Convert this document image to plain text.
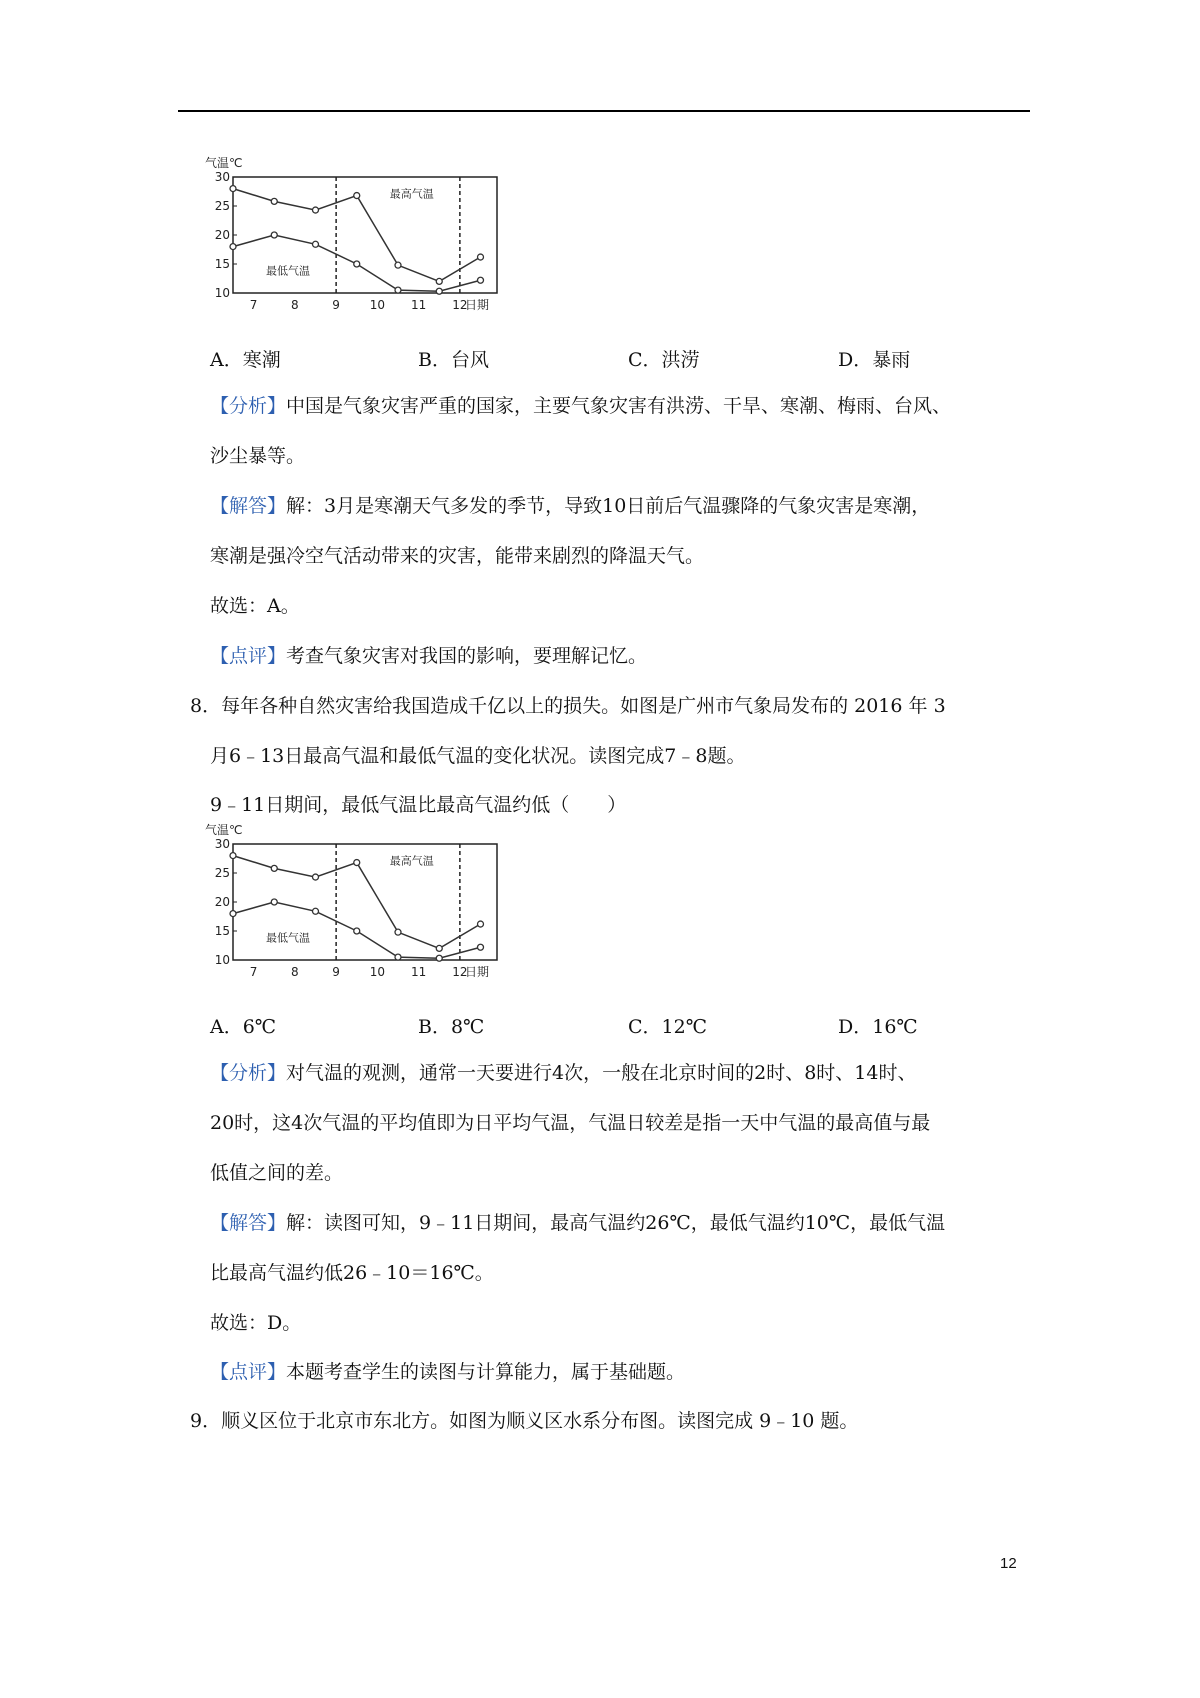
气温℃
10
15
20
25
30
7	8	9 10 11 12
日期
最高气温
最低气温
A．寒潮	B．台风	C．洪涝	D．暴雨
【分析】中国是气象灾害严重的国家，主要气象灾害有洪涝、干旱、寒潮、梅雨、台风、
沙尘暴等。
【解答】解：3月是寒潮天气多发的季节，导致10日前后气温骤降的气象灾害是寒潮，
寒潮是强冷空气活动带来的灾害，能带来剧烈的降温天气。
故选：A。
【点评】考查气象灾害对我国的影响，要理解记忆。
8．每年各种自然灾害给我国造成千亿以上的损失。如图是广州市气象局发布的 2016 年 3
月6﹣13日最高气温和最低气温的变化状况。读图完成7﹣8题。
9﹣11日期间，最低气温比最高气温约低（　　）
气温℃
10
15
20
25
30
7	8	9 10 11 12
日期
最高气温
最低气温
A．6℃	B．8℃	C．12℃	D．16℃
【分析】对气温的观测，通常一天要进行4次，一般在北京时间的2时、8时、14时、
20时，这4次气温的平均值即为日平均气温，气温日较差是指一天中气温的最高值与最
低值之间的差。
【解答】解：读图可知，9﹣11日期间，最高气温约26℃，最低气温约10℃，最低气温
比最高气温约低26﹣10＝16℃。
故选：D。
【点评】本题考查学生的读图与计算能力，属于基础题。
9．顺义区位于北京市东北方。如图为顺义区水系分布图。读图完成 9﹣10 题。
12
